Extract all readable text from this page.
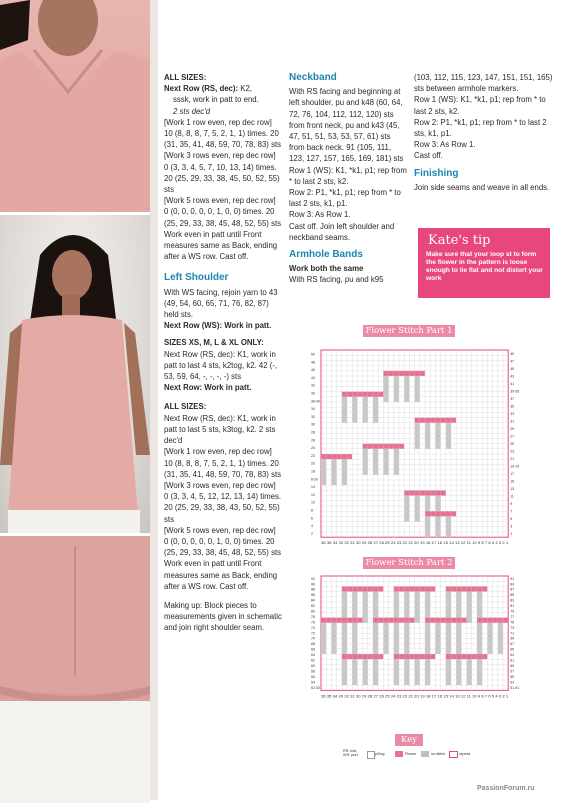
ALL SIZES:
Next Row (RS, dec): K2,
sssk, work in patt to end.
2 sts dec'd
[Work 1 row even, rep dec row] 10 (8, 8, 8, 7, 5, 2, 1, 1) times. 20 (31, 35, 41, 48, 59, 70, 78, 83) sts
[Work 3 rows even, rep dec row] 0 (3, 3, 4, 5, 7, 10, 13, 14) times. 20 (25, 29, 33, 38, 45, 50, 52, 55) sts
[Work 5 rows even, rep dec row] 0 (0, 0, 0, 0, 0, 1, 0, 0) times. 20 (25, 29, 33, 38, 45, 48, 52, 55) sts
Work even in patt until Front measures same as Back, ending after a WS row. Cast off.

Left Shoulder

With WS facing, rejoin yarn to 43 (49, 54, 60, 65, 71, 76, 82, 87) held sts.
Next Row (WS): Work in patt.

SIZES XS, M, L & XL ONLY:
Next Row (RS, dec): K1, work in patt to last 4 sts, k2tog, k2. 42 (-, 53, 59, 64, -, -, -, -) sts
Next Row: Work in patt.

ALL SIZES:
Next Row (RS, dec): K1, work in patt to last 5 sts, k3tog, k2. 2 sts dec'd
[Work 1 row even, rep dec row] 10 (8, 8, 8, 7, 5, 2, 1, 1) times. 20 (31, 35, 41, 48, 59, 70, 78, 83) sts
[Work 3 rows even, rep dec row] 0 (3, 3, 4, 5, 12, 12, 13, 14) times. 20 (25, 29, 33, 38, 43, 50, 52, 55) sts
[Work 5 rows even, rep dec row] 0 (0, 0, 0, 0, 0, 1, 0, 0) times. 20 (25, 29, 33, 38, 45, 48, 52, 55) sts
Work even in patt until Front measures same as Back, ending after a WS row. Cast off.

Making up: Block pieces to measurements given in schematic and join right shoulder seam.

Neckband

With RS facing and beginning at left shoulder, pu and k48 (60, 64, 72, 76, 104, 112, 112, 120) sts from front neck, pu and k43 (45, 47, 51, 51, 53, 53, 57, 61) sts from back neck. 91 (105, 111, 123, 127, 157, 165, 169, 181) sts
Row 1 (WS): K1, *k1, p1; rep from * to last 2 sts, k2.
Row 2: P1, *k1, p1; rep from * to last 2 sts, k1, p1.
Row 3: As Row 1.
Cast off. Join left shoulder and neckband seams.

Armhole Bands
Work both the same
With RS facing, pu and k95

(103, 112, 115, 123, 147, 151, 151, 165) sts between armhole markers.
Row 1 (WS): K1, *k1, p1; rep from * to last 2 sts, k2.
Row 2: P1, *k1, p1; rep from * to last 2 sts, k1, p1.
Row 3: As Row 1.
Cast off.

Finishing
Join side seams and weave in all ends.
Kate's tip
Make sure that your loop st to form the flower in the pattern is loose enough to lie flat and not distort your work
Flower Stitch Part 1
49
47
45
43
41
39-35
37
35
33
31
29
27
25
23
21
19-15
17
15
13
11
9
7
5
3
1
50
48
46
44
42
40
36-40
34
32
30
28
26
24
22
20
18
8-20
14
12
10
8
6
4
2
36 35 34 33 32 31 30 29 28 27 26 25 24 23 22 21 20 19 18 17 16 15 14 13 12 11 10 9 8 7 6 5 4 3 2 1
Flower Stitch Part 2
91
89
87
85
83
81
79
77
75
73
71
69
67
65
63
61
59
57
55
53
51-91
92
90
88
86
84
82
80
78
76
74
72
70
68
66
64
62
60
58
56
54
52-92
36 35 34 33 32 31 30 29 28 27 26 25 24 23 22 21 20 19 18 17 16 15 14 13 12 11 10 9 8 7 6 5 4 3 2 1
Key
RS: knit, WS: purl	p2tog	Flower	no stitch	repeat
PassionForum.ru
